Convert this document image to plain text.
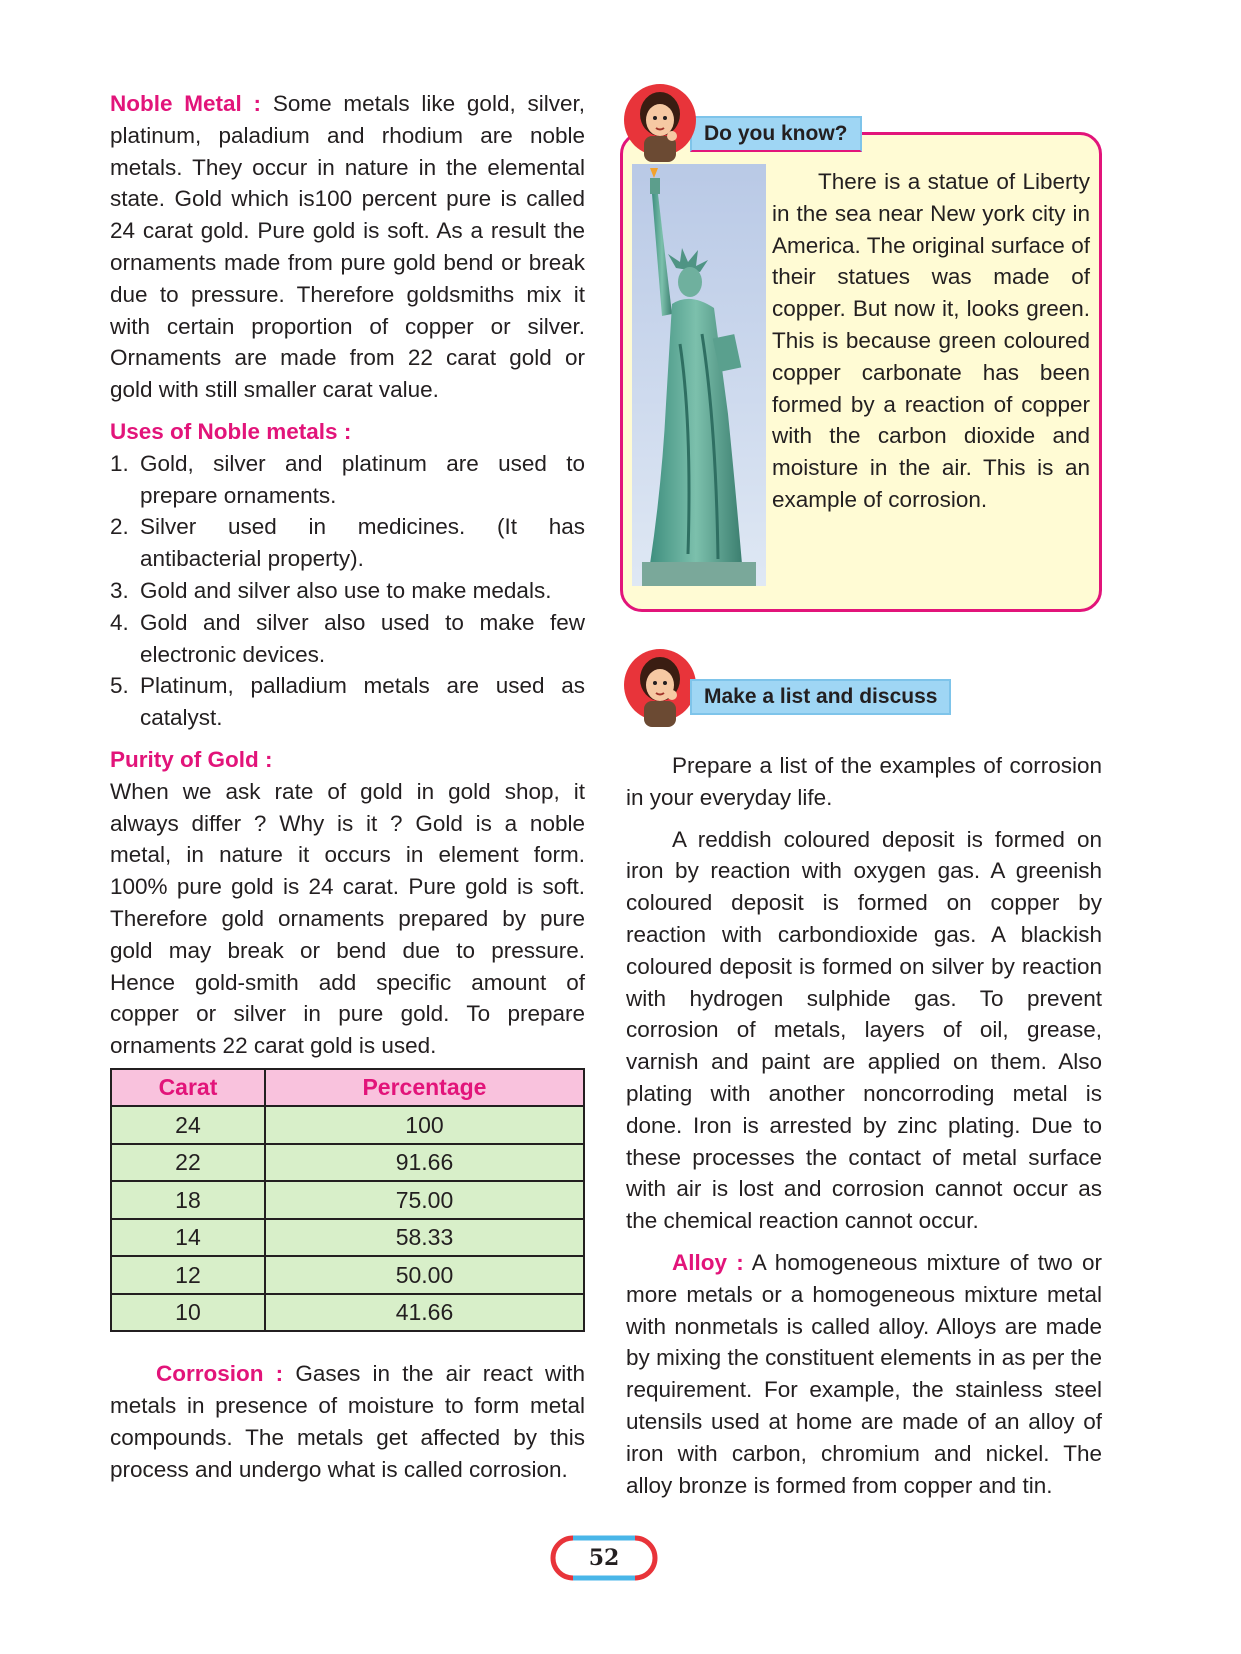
Noble Metal : Some metals like gold, silver, platinum, paladium and rhodium are noble metals. They occur in nature in the elemental state. Gold which is100 percent pure is called 24 carat gold. Pure gold is soft. As a result the ornaments made from pure gold bend or break due to pressure. Therefore goldsmiths mix it with certain proportion of copper or silver. Ornaments are made from 22 carat gold or gold with still smaller carat value.

Uses of Noble metals :
1. Gold, silver and platinum are used to prepare ornaments.
2. Silver used in medicines. (It has antibacterial property).
3. Gold and silver also use to make medals.
4. Gold and silver also used to make few electronic devices.
5. Platinum, palladium metals are used as catalyst.
Purity of Gold :

When we ask rate of gold in gold shop, it always differ ? Why is it ? Gold is a noble metal, in nature it occurs in element form. 100% pure gold is 24 carat. Pure gold is soft. Therefore gold ornaments prepared by pure gold may break or bend due to pressure. Hence gold-smith add specific amount of copper or silver in pure gold. To prepare ornaments 22 carat gold is used.

Carat	Percentage
24	100
22	91.66
18	75.00
14	58.33
12	50.00
10	41.66

Corrosion : Gases in the air react with metals in presence of moisture to form metal compounds. The metals get affected by this process and undergo what is called corrosion.

Do you know?

There is a statue of Liberty in the sea near New york city in America. The original surface of their statues was made of copper. But now it, looks green. This is because green coloured copper carbonate has been formed by a reaction of copper with the carbon dioxide and moisture in the air. This is an example of corrosion.

Make a list and discuss

Prepare a list of the examples of corrosion in your everyday life.

A reddish coloured deposit is formed on iron by reaction with oxygen gas. A greenish coloured deposit is formed on copper by reaction with carbondioxide gas. A blackish coloured deposit is formed on silver by reaction with hydrogen sulphide gas. To prevent corrosion of metals, layers of oil, grease, varnish and paint are applied on them. Also plating with another noncorroding metal is done. Iron is arrested by zinc plating. Due to these processes the contact of metal surface with air is lost and corrosion cannot occur as the chemical reaction cannot occur.

Alloy : A homogeneous mixture of two or more metals or a homogeneous mixture metal with nonmetals is called alloy. Alloys are made by mixing the constituent elements in as per the requirement. For example, the stainless steel utensils used at home are made of an alloy of iron with carbon, chromium and nickel. The alloy bronze is formed from copper and tin.

52
